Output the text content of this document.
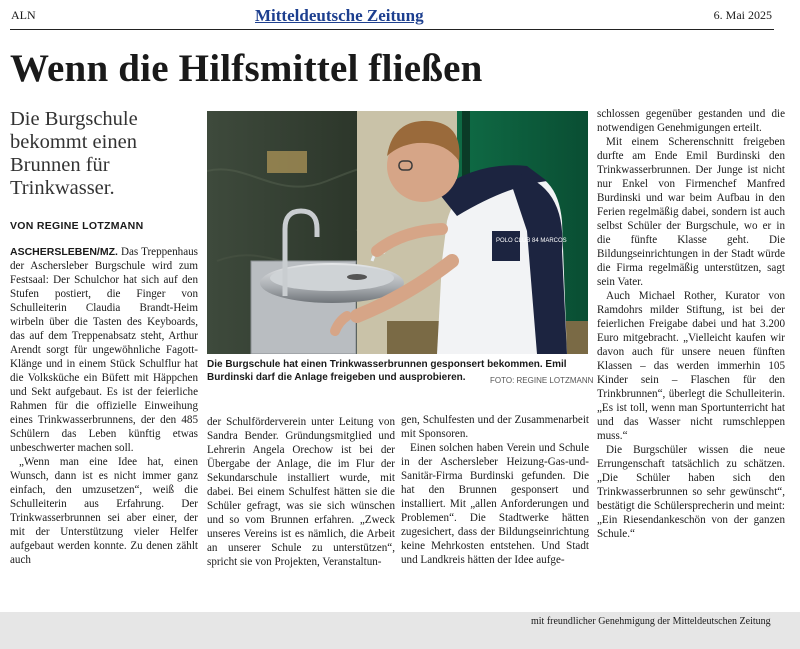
ALN	Mitteldeutsche Zeitung	6. Mai 2025
Wenn die Hilfsmittel fließen
Die Burgschule bekommt einen Brunnen für Trinkwasser.
VON REGINE LOTZMANN

ASCHERSLEBEN/MZ. Das Treppenhaus der Aschersleber Burgschule wird zum Festsaal: Der Schulchor hat sich auf den Stufen postiert, die Finger von Schulleiterin Claudia Brandt-Heim wirbeln über die Tasten des Keyboards, das auf dem Treppenabsatz steht, Arthur Arendt sorgt für ungewöhnliche Fagott-Klänge und in einem Stück Schulflur hat die Volksküche ein Büfett mit Häppchen und Sekt aufgebaut. Es ist der feierliche Rahmen für die offizielle Einweihung eines Trinkwasserbrunnens, der den 485 Schülern das Leben künftig etwas unbeschwerter machen soll.

„Wenn man eine Idee hat, einen Wunsch, dann ist es nicht immer ganz einfach, den umzusetzen“, weiß die Schulleiterin aus Erfahrung. Der Trinkwasserbrunnen sei aber einer, der mit der Unterstützung vieler Helfer aufgebaut werden konnte. Zu denen zählt auch

POLO CLUB 84 MARCOS
Die Burgschule hat einen Trinkwasserbrunnen gesponsert bekommen. Emil Burdinski darf die Anlage freigeben und ausprobieren.	FOTO: REGINE LOTZMANN

der Schulförderverein unter Leitung von Sandra Bender. Gründungsmitglied und Lehrerin Angela Orechow ist bei der Übergabe der Anlage, die im Flur der Sekundarschule installiert wurde, mit dabei. Bei einem Schulfest hätten sie die Schüler gefragt, was sie sich wünschen und so vom Brunnen erfahren. „Zweck unseres Vereins ist es nämlich, die Arbeit an unserer Schule zu unterstützen“, spricht sie von Projekten, Veranstaltun-

gen, Schulfesten und der Zusammenarbeit mit Sponsoren.

Einen solchen haben Verein und Schule in der Aschersleber Heizung-Gas-und-Sanitär-Firma Burdinski gefunden. Die hat den Brunnen gesponsert und installiert. Mit „allen Anforderungen und Problemen“. Die Stadtwerke hätten zugesichert, dass der Bildungseinrichtung keine Mehrkosten entstehen. Und Stadt und Landkreis hätten der Idee aufge-

schlossen gegenüber gestanden und die notwendigen Genehmigungen erteilt.

Mit einem Scherenschnitt freigeben durfte am Ende Emil Burdinski den Trinkwasserbrunnen. Der Junge ist nicht nur Enkel von Firmenchef Manfred Burdinski und war beim Aufbau in den Ferien regelmäßig dabei, sondern ist auch selbst Schüler der Burgschule, wo er in die fünfte Klasse geht. Die Bildungseinrichtungen in der Stadt würde die Firma regelmäßig unterstützen, sagt sein Vater.

Auch Michael Rother, Kurator von Ramdohrs milder Stiftung, ist bei der feierlichen Freigabe dabei und hat 3.200 Euro mitgebracht. „Vielleicht kaufen wir davon auch für unsere neuen fünften Klassen – das werden immerhin 105 Kinder sein – Flaschen für den Trinkbrunnen“, überlegt die Schulleiterin. „Es ist toll, wenn man Sportunterricht hat und das Wasser nicht rumschleppen muss.“

Die Burgschüler wissen die neue Errungenschaft tatsächlich zu schätzen. „Die Schüler haben sich den Trinkwasserbrunnen so sehr gewünscht“, bestätigt die Schülersprecherin und meint: „Ein Riesendankeschön von der ganzen Schule.“

mit freundlicher Genehmigung der Mitteldeutschen Zeitung
